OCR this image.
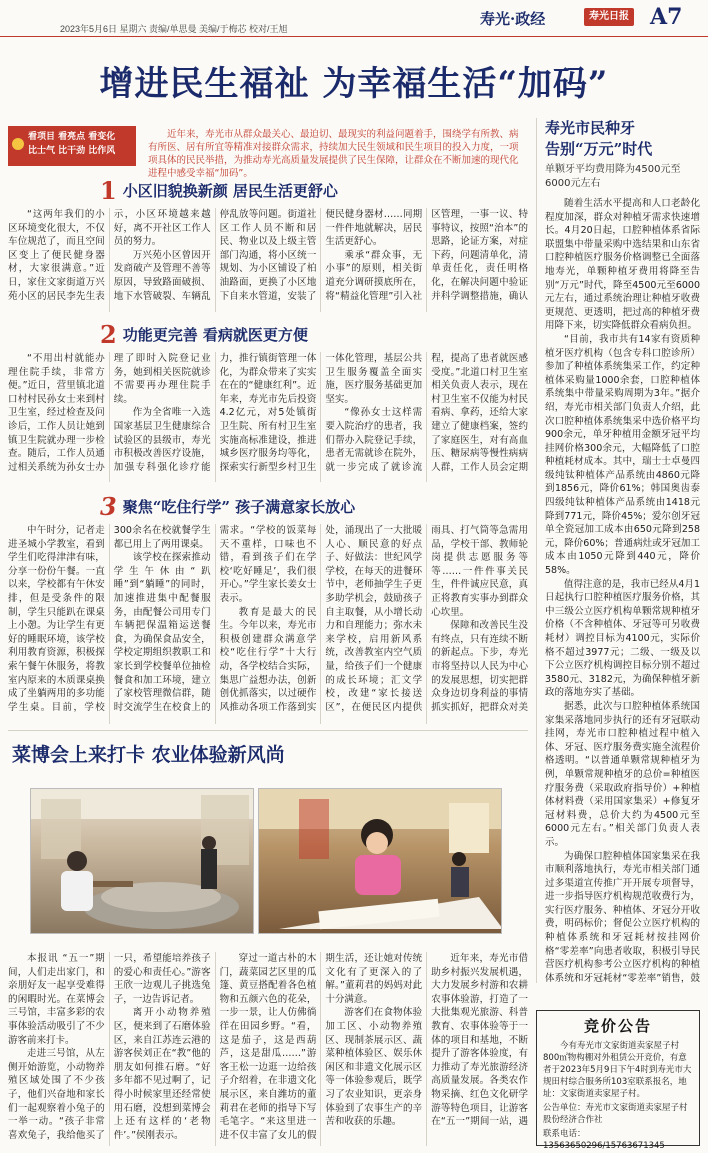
2023年5月6日 星期六 责编/单思曼 美编/于梅芯 校对/王旭
寿光·政经	寿光日报 A7
增进民生福祉 为幸福生活“加码”
看项目 看亮点 看变化
比士气 比干劲 比作风
近年来，寿光市从群众最关心、最迫切、最现实的利益问题着手，围绕学有所教、病有所医、居有所宜等精准对接群众需求，持续加大民生领域和民生项目的投入力度，一项项具体的民民举措，为推动寿光高质量发展提供了民生保障，让群众在不断加速的现代化进程中感受幸福“加码”。
1 小区旧貌换新颜 居民生活更舒心

“这两年我们的小区环境变化很大，不仅车位规范了，而且空间区变上了便民健身器材，大家很满意。”近日，家住文家街道万兴苑小区的居民李先生表示，小区环境越来越好，离不开社区工作人员的努力。

万兴苑小区曾因开发商破产及管理不善等原因，导致路面破损、地下水管破裂、车辆乱停乱放等问题。街道社区工作人员不断和居民、物业以及上级主管部门沟通，将小区统一规划、为小区铺设了柏油路面，更换了小区地下自来水管道，安装了便民健身器材……同期一件件地就解决，居民生活更舒心。

乘承“群众事，无小事”的原则，相关街道充分调研摸底所在，将“精益化管理”引入社区管理，一事一议、特事特议，按照“治本”的思路，论证方案，对症下药，问题清单化，清单责任化，责任明格化，在解决问题中验证并科学调整措施，确认

2 功能更完善 看病就医更方便

“不用出村就能办理住院手续，非常方便。”近日，营里镇北道口村村民孙女士来到村卫生室，经过检查及问诊后，工作人员让她到镇卫生院就办理一步检查。随后，工作人员通过相关系统为孙女士办理了即时入院登记业务，她到相关医院就诊不需要再办理住院手续。

作为全省唯一入选国家基层卫生健康综合试验区的县级市，寿光市积极改善医疗设施，加强专科强化诊疗能力，推行镇街管理一体化，为群众带来了实实在在的“健康红利”。近年来，寿光市先后投资4.2亿元，对5处镇街卫生院、所有村卫生室实施高标准建设，推进城乡医疗服务均等化，探索实行新型乡村卫生一体化管理，基层公共卫生服务覆盖全面实施，医疗服务基础更加坚实。

“像孙女士这样需要入院治疗的患者，我们帮办入院登记手续，患者无需就诊在院外，就一步完成了就诊流程，提高了患者就医感受度。”北道口村卫生室相关负责人表示，现在村卫生室不仅能为村民看病、拿药，还给大家建立了健康档案，签约了家庭医生，对有高血压、糖尿病等慢性病病人群，工作人员会定期

3 聚焦“吃住行学” 孩子满意家长放心

中午时分，记者走进圣城小学教室，看到学生们吃得津津有味，分享一份份午餐。一直以来，学校都有午休安排，但是受条件的限制，学生只能趴在课桌上小憩。为让学生有更好的睡眠环境，该学校利用教育资源，积极探索午餐午休服务，将教室内原来的木质课桌换成了坐躺两用的多功能学生桌。目前，学校300余名在校就餐学生都已用上了两用课桌。

该学校在探索推动学生午休由“趴睡”到“躺睡”的同时，加速推进集中配餐服务，由配餐公司用专门车辆把保温箱运送餐食，为确保食品安全，学校定期组织教职工和家长到学校餐单位抽检餐食和加工环境，建立了家校管理微信群，随时交流学生在校食上的需求。“学校的饭菜每天不重样，口味也不错，看到孩子们在学校‘吃好睡足’，我们很开心。”学生家长姜女士表示。

教育是最大的民生。今年以来，寿光市积极创建群众满意学校“吃住行学”十大行动，各学校结合实际，集思广益想办法，创新创优抓落实，以过硬作风推动各项工作落到实处，涌现出了一大批暖人心、顺民意的好点子、好做法：世纪风学学校，在每天的进餐环节中，老师抽学生子更多助学机会，鼓励孩子自主取餐，从小增长动力和自理能力；弥水未来学校，启用新风系统，改善教室内空气质量，给孩子们一个健康的成长环境；汇文学校，改建“家长接送区”，在便民区内提供雨具、打气筒等急需用品，学校干部、教师轮岗提供志愿服务等等……一件件事关民生，件件诚应民意，真正将教育实事办到群众心坎里。

保障和改善民生没有终点，只有连续不断的新起点。下步，寿光市将坚持以人民为中心的发展思想，切实把群众身边切身利益的事情抓实抓好，把群众对美

菜博会上来打卡 农业体验新风尚

本报讯 “五一”期间，人们走出家门，和亲朋好友一起享受难得的闲暇时光。在菜博会三号馆，丰富多彩的农事体验活动吸引了不少游客前来打卡。

走进三号馆，从左侧开始游览，小动物养殖区域处围了不少孩子，他们兴奋地和家长们一起观察着小兔子的一举一动。“孩子非常喜欢兔子，我给他买了一只，希望能培养孩子的爱心和责任心。”游客王欣一边观儿子挑选兔子，一边告诉记者。

离开小动物养殖区，便来到了石磨体验区，来自江苏连云港的游客侯刘正在“教”他的朋友如何推石磨。“好多年都不见过啊了，记得小时候家里还经常使用石磨，没想到菜博会上还有这样的‘老物件’。”侯刚表示。

穿过一道古朴的木门，蔬菜园艺区里的瓜篷、黄豆搭配着各色植物和五颜六色的花朵，一步一景，让人仿佛徜徉在田园乡野。“看，这是茄子，这是西葫芦，这是甜瓜……”游客王松一边逛一边给孩子介绍着，在非遗文化展示区，来自潍坊的董莉君在老师的指导下写毛笔字。“来这里进一进不仅丰富了女儿的假期生活，还让她对传统文化有了更深入的了解。”董莉君的妈妈对此十分满意。

游客们在食物体验加工区、小动物养殖区、现制茶展示区、蔬菜种植体验区、娱乐休闲区和非遗文化展示区等一体验参观后，既学习了农业知识，更亲身体验到了农事生产的辛苦和收获的乐趣。

近年来，寿光市借助乡村振兴发展机遇，大力发展乡村游和农耕农事体验游，打造了一大批集观光旅游、科普教育、农事体验等于一体的项目和基地，不断提升了游客体验度，有力推动了寿光旅游经济高质量发展。各类农作物采摘、红色文化研学游等特色项目，让游客在“五一”期间一站，遇

寿光市民种牙
告别“万元”时代
单颗牙平均费用降为4500元至6000元左右

随着生活水平提高和人口老龄化程度加深，群众对种植牙需求快速增长。4月20日起，口腔种植体系省际联盟集中带量采购中选结果和山东省口腔种植医疗服务价格调整已全面落地寿光，单颗种植牙费用将降至告别“万元”时代，降至4500元至6000元左右，通过系统治理让种植牙收费更规范、更透明，把过高的种植牙费用降下来，切实降低群众看病负担。

“目前，我市共有14家有资质种植牙医疗机构（包含专科口腔诊所）参加了种植体系统集采工作，约定种植体采购量1000余套，口腔种植体系统集中带量采购周期为3年。”据介绍，寿光市相关部门负责人介绍，此次口腔种植体系统集采中选价格平均900余元，单牙种植用金额牙冠平均挂网价格300余元，大幅降低了口腔种植耗材成本。其中，瑞士士卓曼四级纯钛种植体产品系统由4860元降到1856元，降价61%；韩国奥齿泰四级纯钛种植体产品系统由1418元降到771元，降价45%；爱尔创牙冠单全瓷冠加工成本由650元降到258元，降价60%；普通病灶或牙冠加工成本由1050元降到440元，降价58%。

值得注意的是，我市已经从4月1日起执行口腔种植医疗服务价格，其中三级公立医疗机构单颗常规种植牙价格（不含种植体、牙冠等可另收费耗材）调控目标为4100元，实际价格不超过3977元；二级、一级及以下公立医疗机构调控目标分别不超过3580元、3182元，为确保种植牙新政的落地夯实了基础。

据悉，此次与口腔种植体系统国家集采落地同步执行的还有牙冠联动挂网，寿光市口腔种植过程中植入体、牙冠、医疗服务费实施全流程价格透明。“以普通单颗常规种植牙为例，单颗常规种植牙的总价=种植医疗服务费（采取政府指导价）+种植体材料费（采用国家集采）+修复牙冠材料费，总价大约为4500元至6000元左右。”相关部门负责人表示。

为确保口腔种植体国家集采在我市顺利落地执行，寿光市相关部门通过多渠道宣传推广开开展专项督导，进一步指导医疗机构规范收费行为，实行医疗服务、种植体、牙冠分开收费，明码标价；督促公立医疗机构的种植体系统和牙冠耗材按挂网价格“零差率”向患者收取，积极引导民营医疗机构参考公立医疗机构的种植体系统和牙冠耗材“零差率”销售，鼓

竞价公告
今有寿光市文家街道卖家屋子村800㎡物构棚对外租赁公开竞价，有意者于2023年5月9日下午4时到寿光市大规田村综合服务所103室联系报名，地址：文家街道卖家屋子村。
公告单位：寿光市文家街道卖家屋子村股份经济合作社
联系电话：13563650296/15763671345
